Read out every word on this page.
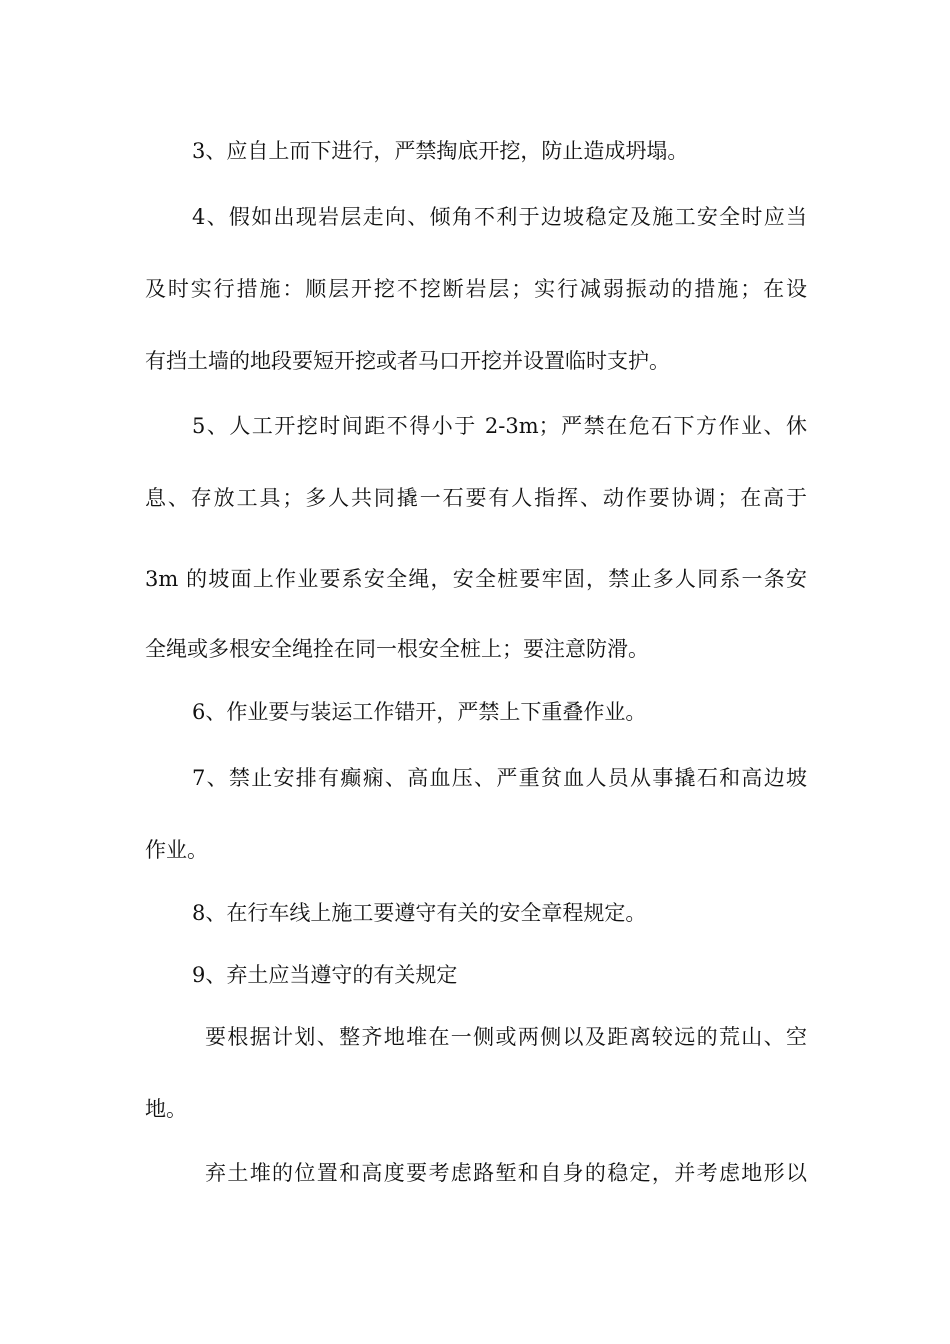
3、应自上而下进行，严禁掏底开挖，防止造成坍塌。
4、假如出现岩层走向、倾角不利于边坡稳定及施工安全时应当
及时实行措施：顺层开挖不挖断岩层；实行减弱振动的措施；在设
有挡土墙的地段要短开挖或者马口开挖并设置临时支护。
5、人工开挖时间距不得小于 2-3m；严禁在危石下方作业、休
息、存放工具；多人共同撬一石要有人指挥、动作要协调；在高于
3m 的坡面上作业要系安全绳，安全桩要牢固，禁止多人同系一条安
全绳或多根安全绳拴在同一根安全桩上；要注意防滑。
6、作业要与装运工作错开，严禁上下重叠作业。
7、禁止安排有癫痫、高血压、严重贫血人员从事撬石和高边坡
作业。
8、在行车线上施工要遵守有关的安全章程规定。
9、弃土应当遵守的有关规定
要根据计划、整齐地堆在一侧或两侧以及距离较远的荒山、空
地。
弃土堆的位置和高度要考虑路堑和自身的稳定，并考虑地形以
